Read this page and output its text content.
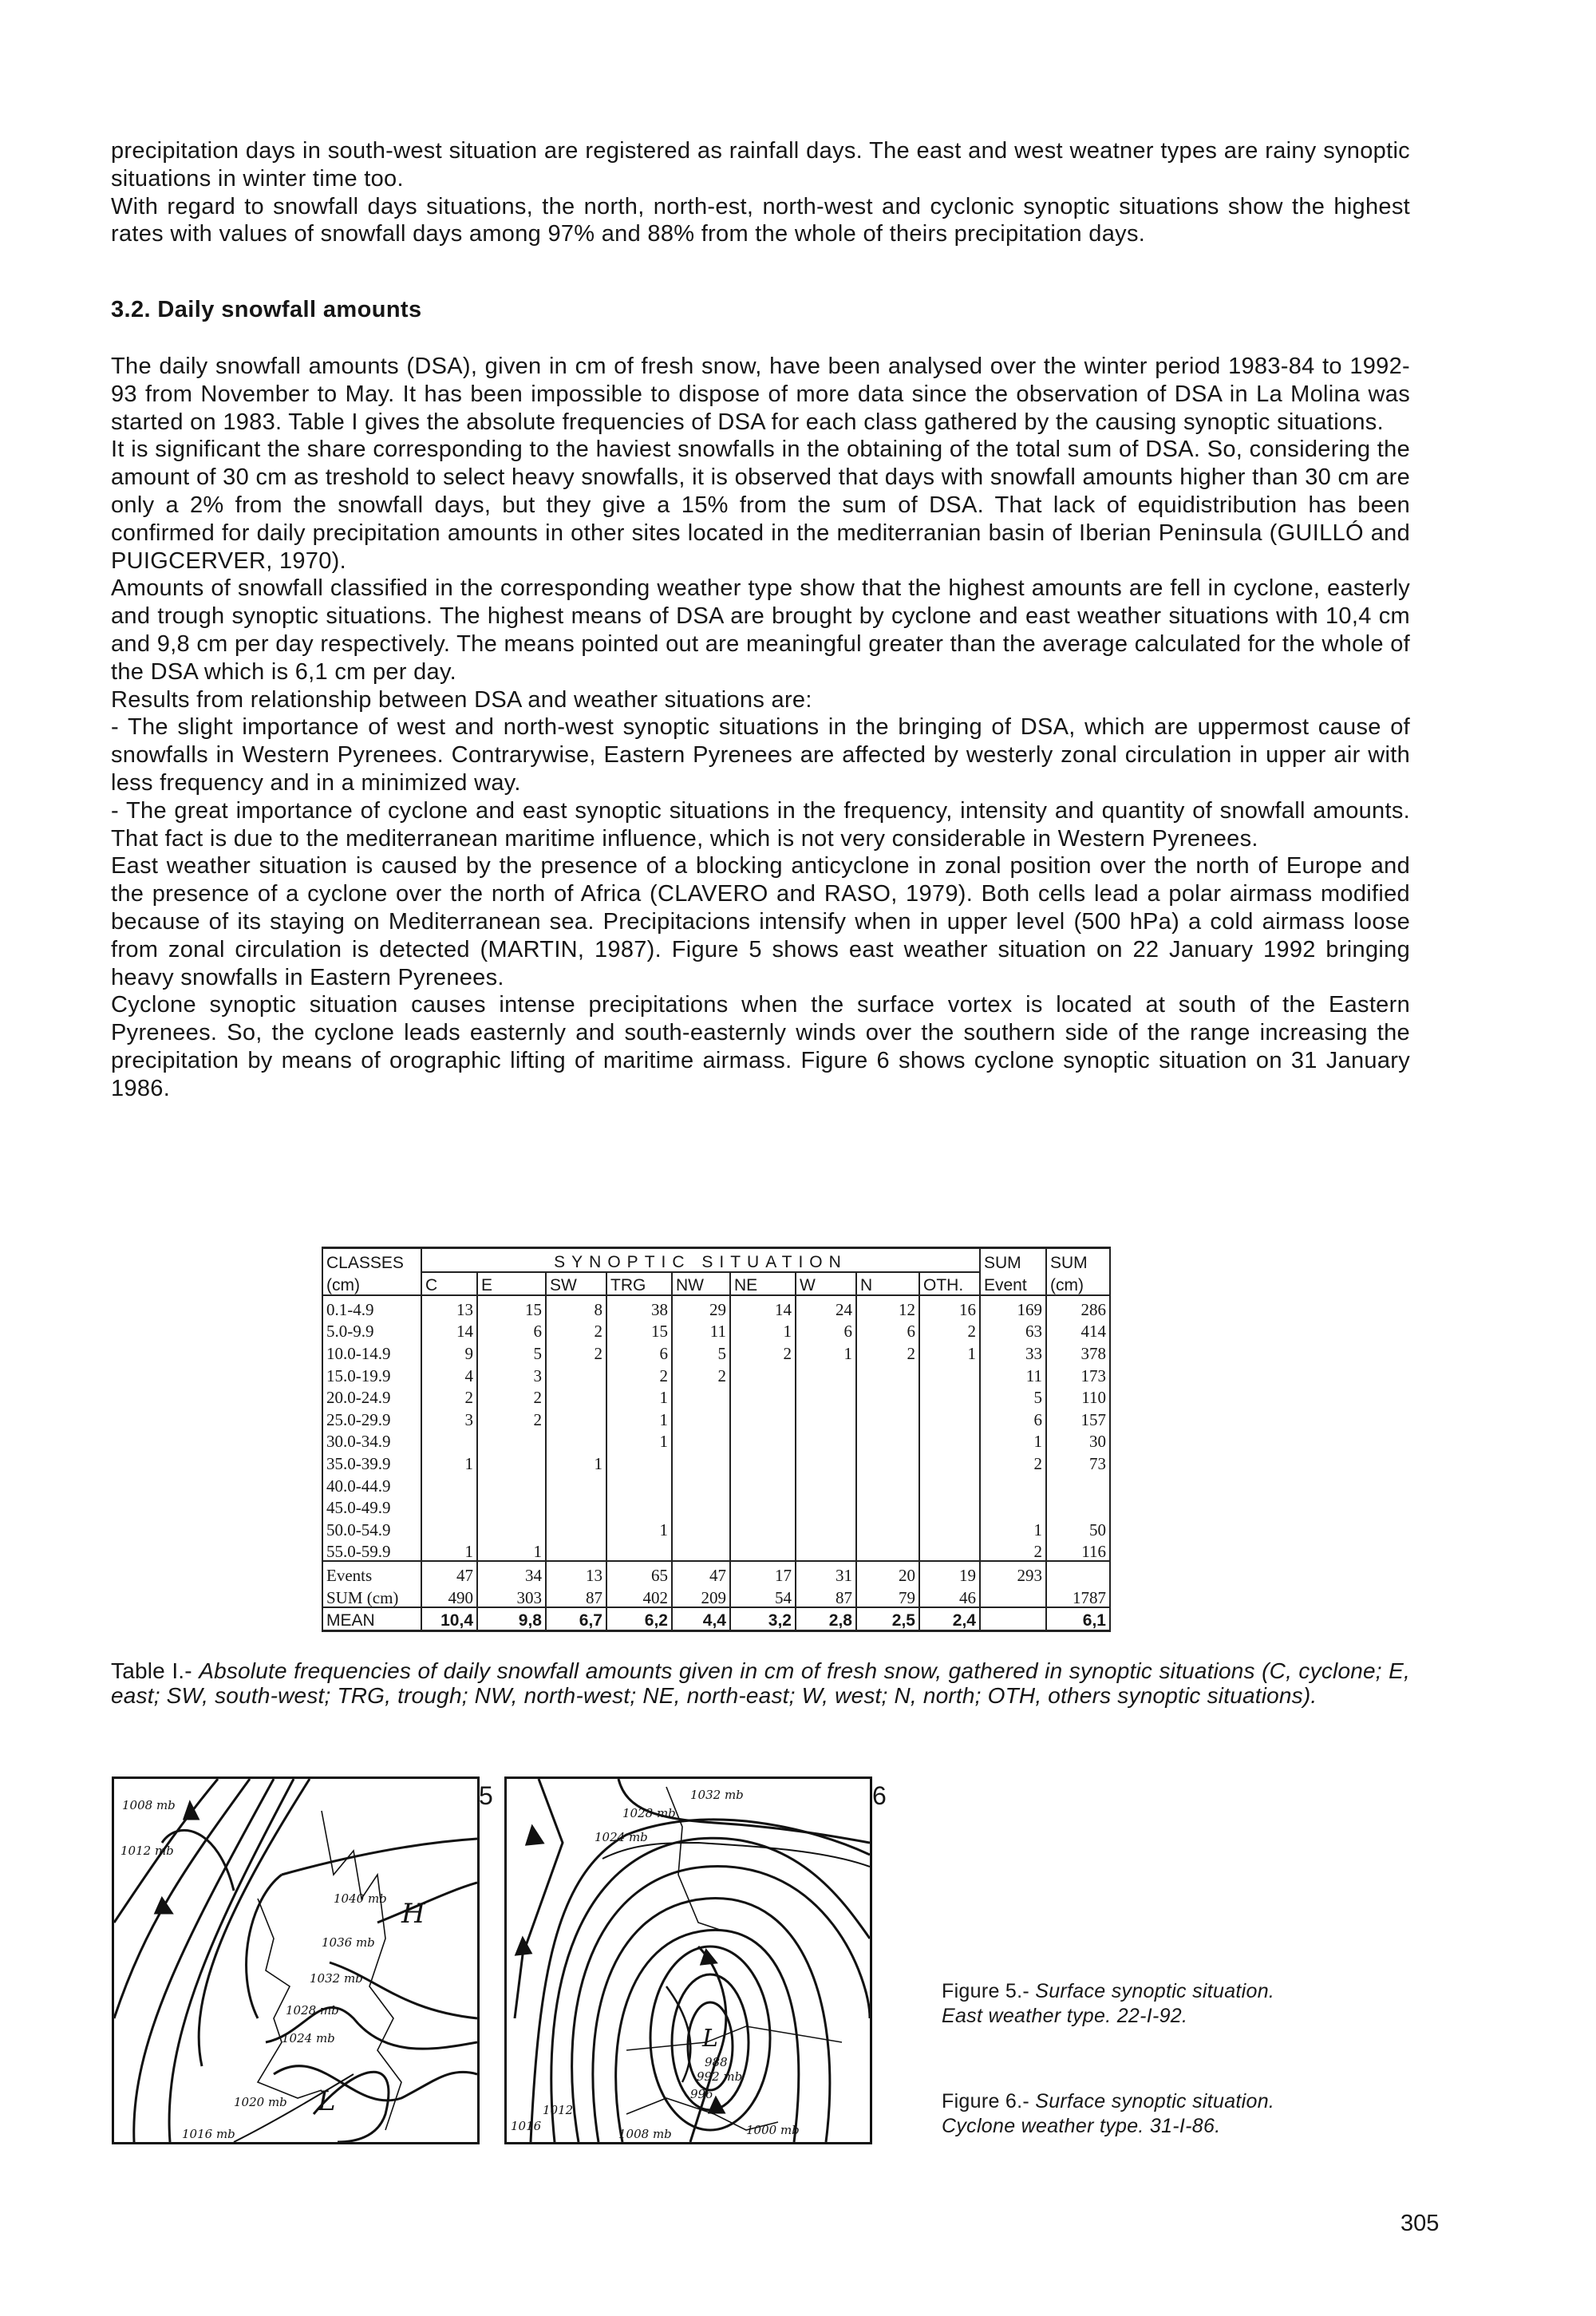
precipitation days in south-west situation are registered as rainfall days. The east and west weatner types are rainy synoptic situations in winter time too.

With regard to snowfall days situations, the north, north-est, north-west and cyclonic synoptic situations show the highest rates with values of snowfall days among 97% and 88% from the whole of theirs precipitation days.

3.2. Daily snowfall amounts

The daily snowfall amounts (DSA), given in cm of fresh snow, have been analysed over the winter period 1983-84 to 1992-93 from November to May. It has been impossible to dispose of more data since the observation of DSA in La Molina was started on 1983. Table I gives the absolute frequencies of DSA for each class gathered by the causing synoptic situations.

It is significant the share corresponding to the haviest snowfalls in the obtaining of the total sum of DSA. So, considering the amount of 30 cm as treshold to select heavy snowfalls, it is observed that days with snowfall amounts higher than 30 cm are only a 2% from the snowfall days, but they give a 15% from the sum of DSA. That lack of equidistribution has been confirmed for daily precipitation amounts in other sites located in the mediterranian basin of Iberian Peninsula (GUILLÓ and PUIGCERVER, 1970).

Amounts of snowfall classified in the corresponding weather type show that the highest amounts are fell in cyclone, easterly and trough synoptic situations. The highest means of DSA are brought by cyclone and east weather situations with 10,4 cm and 9,8 cm per day respectively. The means pointed out are meaningful greater than the average calculated for the whole of the DSA which is 6,1 cm per day.

Results from relationship between DSA and weather situations are:

- The slight importance of west and north-west synoptic situations in the bringing of DSA, which are uppermost cause of snowfalls in Western Pyrenees. Contrarywise, Eastern Pyrenees are affected by westerly zonal circulation in upper air with less frequency and in a minimized way.

- The great importance of cyclone and east synoptic situations in the frequency, intensity and quantity of snowfall amounts. That fact is due to the mediterranean maritime influence, which is not very considerable in Western Pyrenees.

East weather situation is caused by the presence of a blocking anticyclone in zonal position over the north of Europe and the presence of a cyclone over the north of Africa (CLAVERO and RASO, 1979). Both cells lead a polar airmass modified because of its staying on Mediterranean sea. Precipitacions intensify when in upper level (500 hPa) a cold airmass loose from zonal circulation is detected (MARTIN, 1987). Figure 5 shows east weather situation on 22 January 1992 bringing heavy snowfalls in Eastern Pyrenees.

Cyclone synoptic situation causes intense precipitations when the surface vortex is located at south of the Eastern Pyrenees. So, the cyclone leads easternly and south-easternly winds over the southern side of the range increasing the precipitation by means of orographic lifting of maritime airmass. Figure 6 shows cyclone synoptic situation on 31 January 1986.

CLASSES	SYNOPTIC SITUATION									SUM	SUM
(cm)	C	E	SW	TRG	NW	NE	W	N	OTH.	Event	(cm)
0.1-4.9	13	15	8	38	29	14	24	12	16	169	286
5.0-9.9	14	6	2	15	11	1	6	6	2	63	414
10.0-14.9	9	5	2	6	5	2	1	2	1	33	378
15.0-19.9	4	3		2	2					11	173
20.0-24.9	2	2		1						5	110
25.0-29.9	3	2		1						6	157
30.0-34.9				1						1	30
35.0-39.9	1		1							2	73
40.0-44.9											
45.0-49.9											
50.0-54.9				1						1	50
55.0-59.9	1	1								2	116
Events	47	34	13	65	47	17	31	20	19	293	
SUM (cm)	490	303	87	402	209	54	87	79	46		1787
MEAN	10,4	9,8	6,7	6,2	4,4	3,2	2,8	2,5	2,4		6,1
Table I.- Absolute frequencies of daily snowfall amounts given in cm of fresh snow, gathered in synoptic situations (C, cyclone; E, east; SW, south-west; TRG, trough; NW, north-west; NE, north-east; W, west; N, north; OTH, others synoptic situations).
1008 mb
1012 mb
1040 mb
1036 mb
1032 mb
1028 mb
1024 mb
1020 mb
1016 mb
H
L
5	1032 mb
1028 mb
1024 mb
L
988
992 mb
996
1000 mb
1008 mb
1012
1016
6
Figure 5.- Surface synoptic situation.
East weather type. 22-I-92.
Figure 6.- Surface synoptic situation.
Cyclone weather type. 31-I-86.
305
